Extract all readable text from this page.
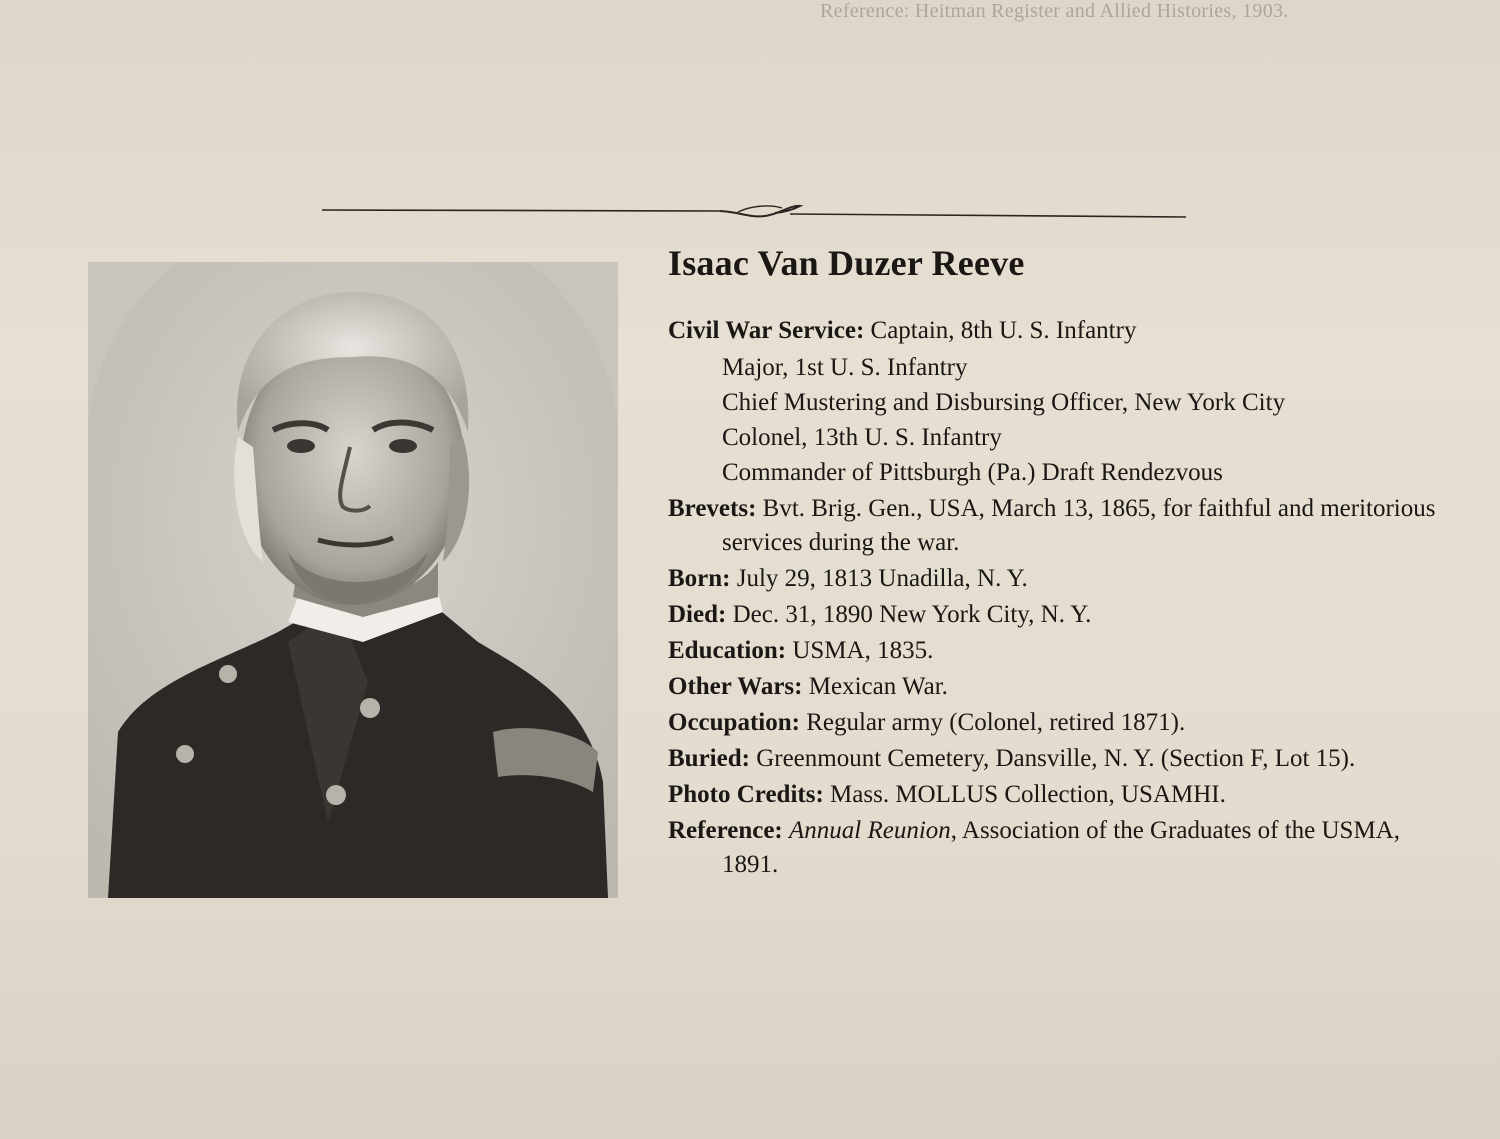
Reference: Heitman Register and Allied Histories, 1903.
Isaac Van Duzer Reeve
Civil War Service: Captain, 8th U. S. Infantry
Major, 1st U. S. Infantry
Chief Mustering and Disbursing Officer, New York City
Colonel, 13th U. S. Infantry
Commander of Pittsburgh (Pa.) Draft Rendezvous
Brevets: Bvt. Brig. Gen., USA, March 13, 1865, for faithful and meritorious services during the war.
Born: July 29, 1813 Unadilla, N. Y.
Died: Dec. 31, 1890 New York City, N. Y.
Education: USMA, 1835.
Other Wars: Mexican War.
Occupation: Regular army (Colonel, retired 1871).
Buried: Greenmount Cemetery, Dansville, N. Y. (Section F, Lot 15).
Photo Credits: Mass. MOLLUS Collection, USAMHI.
Reference: Annual Reunion, Association of the Graduates of the USMA, 1891.
